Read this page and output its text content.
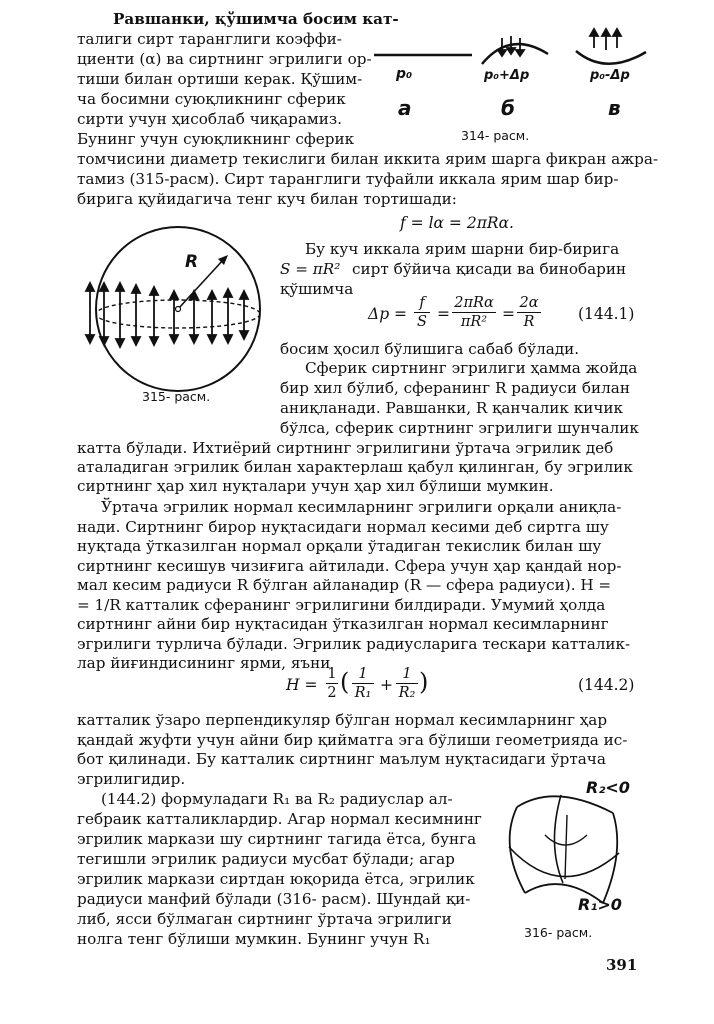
Равшанки, қўшимча босим кат-
талиги сирт таранглиги коэффи-
циенти (α) ва сиртнинг эгрилиги ор-
тиши билан ортиши керак. Қўшим-
ча босимни суюқликнинг сферик
сирти учун ҳисоблаб чиқарамиз.
Бунинг учун суюқликнинг сферик
p₀	p₀+Δp	p₀-Δp
a	б	в
314- расм.
томчисини диаметр текислиги билан иккита ярим шарга фикран ажра-
тамиз (315-расм). Сирт таранглиги туфайли иккала ярим шар бир-
бирига қуйидагича тенг куч билан тортишади:
f = lα = 2πRα.
R
315- расм.
Бу куч иккала ярим шарни бир-бирига
S = πR² сирт бўйича қисади ва бинобарин
қўшимча
Δp =
f
S =
2πRα
πR² =
2α
R	(144.1)
босим ҳосил бўлишига сабаб бўлади.
Сферик сиртнинг эгрилиги ҳамма жойда
бир хил бўлиб, сферанинг R радиуси билан
аниқланади. Равшанки, R қанчалик кичик
бўлса, сферик сиртнинг эгрилиги шунчалик
катта бўлади. Ихтиёрий сиртнинг эгрилигини ўртача эгрилик деб
аталадиган эгрилик билан характерлаш қабул қилинган, бу эгрилик
сиртнинг ҳар хил нуқталари учун ҳар хил бўлиши мумкин.
Ўртача эгрилик нормал кесимларнинг эгрилиги орқали аниқла-
нади. Сиртнинг бирор нуқтасидаги нормал кесими деб сиртга шу
нуқтада ўтказилган нормал орқали ўтадиган текислик билан шу
сиртнинг кесишув чизиғига айтилади. Сфера учун ҳар қандай нор-
мал кесим радиуси R бўлган айланадир (R — сфера радиуси). H =
= 1/R катталик сферанинг эгрилигини билдиради. Умумий ҳолда
сиртнинг айни бир нуқтасидан ўтказилган нормал кесимларнинг
эгрилиги турлича бўлади. Эгрилик радиусларига тескари катталик-
лар йиғиндисининг ярми, яъни
H =
1
2 ( 1
R₁ +
1
R₂ )	(144.2)
катталик ўзаро перпендикуляр бўлган нормал кесимларнинг ҳар
қандай жуфти учун айни бир қийматга эга бўлиши геометрияда ис-
бот қилинади. Бу катталик сиртнинг маълум нуқтасидаги ўртача
эгрилигидир.
(144.2) формуладаги R₁ ва R₂ радиуслар ал-
гебраик катталиклардир. Агар нормал кесимнинг
эгрилик маркази шу сиртнинг тагида ётса, бунга
тегишли эгрилик радиуси мусбат бўлади; агар
эгрилик маркази сиртдан юқорида ётса, эгрилик
радиуси манфий бўлади (316- расм). Шундай қи-
либ, ясси бўлмаган сиртнинг ўртача эгрилиги
нолга тенг бўлиши мумкин. Бунинг учун R₁
R₂<0
R₁>0
316- расм.
391
